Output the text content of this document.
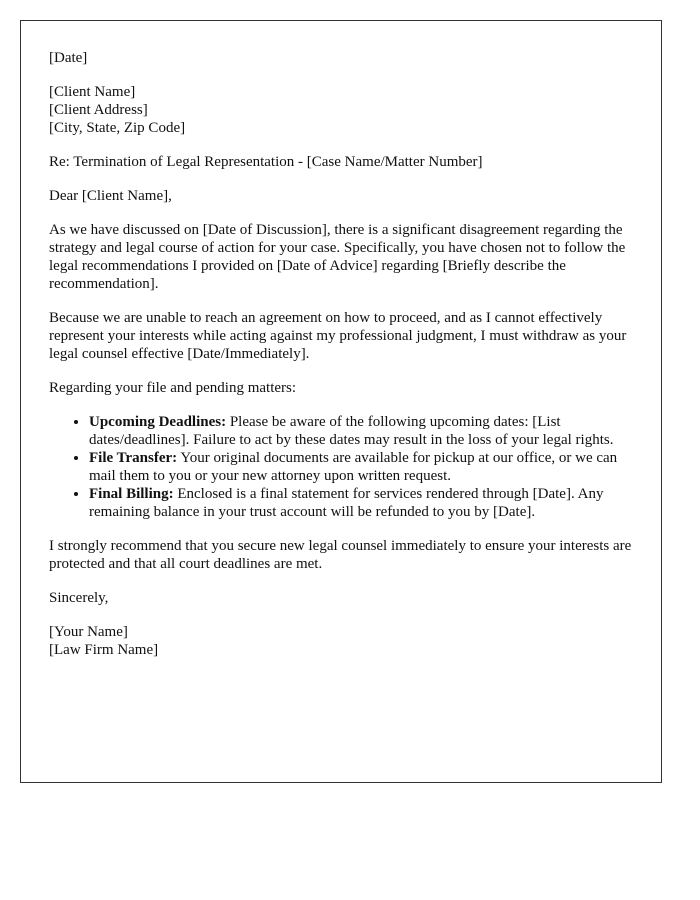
[Date]

[Client Name]
[Client Address]
[City, State, Zip Code]

Re: Termination of Legal Representation - [Case Name/Matter Number]

Dear [Client Name],

As we have discussed on [Date of Discussion], there is a significant disagreement regarding the strategy and legal course of action for your case. Specifically, you have chosen not to follow the legal recommendations I provided on [Date of Advice] regarding [Briefly describe the recommendation].

Because we are unable to reach an agreement on how to proceed, and as I cannot effectively represent your interests while acting against my professional judgment, I must withdraw as your legal counsel effective [Date/Immediately].

Regarding your file and pending matters:

• Upcoming Deadlines: Please be aware of the following upcoming dates: [List dates/deadlines]. Failure to act by these dates may result in the loss of your legal rights.
• File Transfer: Your original documents are available for pickup at our office, or we can mail them to you or your new attorney upon written request.
• Final Billing: Enclosed is a final statement for services rendered through [Date]. Any remaining balance in your trust account will be refunded to you by [Date].

I strongly recommend that you secure new legal counsel immediately to ensure your interests are protected and that all court deadlines are met.

Sincerely,

[Your Name]
[Law Firm Name]
